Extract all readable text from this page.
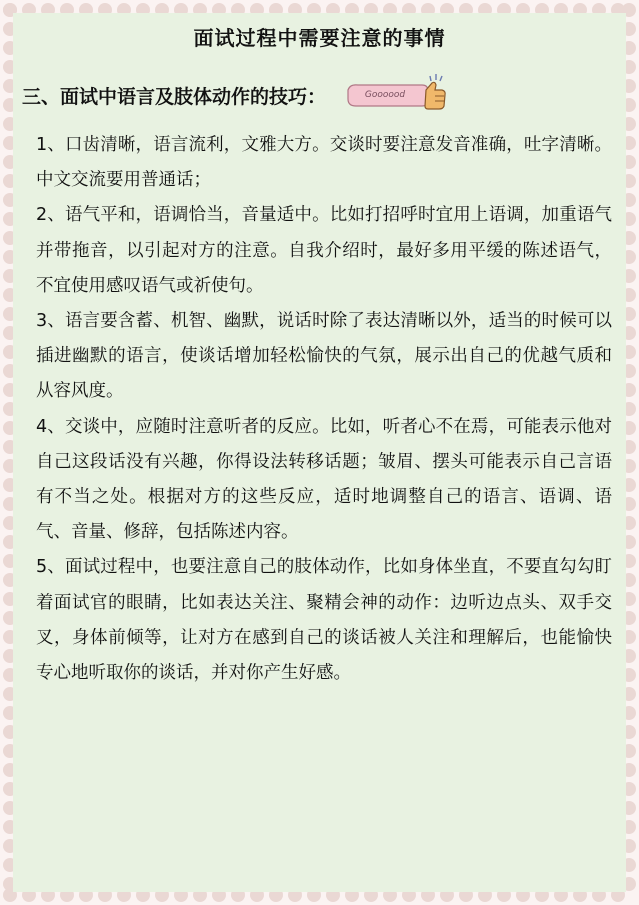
面试过程中需要注意的事情
三、面试中语言及肢体动作的技巧：	Goooood

1、口齿清晰，语言流利，文雅大方。交谈时要注意发音准确，吐字清晰。中文交流要用普通话；

2、语气平和，语调恰当，音量适中。比如打招呼时宜用上语调，加重语气并带拖音，以引起对方的注意。自我介绍时，最好多用平缓的陈述语气，不宜使用感叹语气或祈使句。

3、语言要含蓄、机智、幽默，说话时除了表达清晰以外，适当的时候可以插进幽默的语言，使谈话增加轻松愉快的气氛，展示出自己的优越气质和从容风度。

4、交谈中，应随时注意听者的反应。比如，听者心不在焉，可能表示他对自己这段话没有兴趣，你得设法转移话题；皱眉、摆头可能表示自己言语有不当之处。根据对方的这些反应，适时地调整自己的语言、语调、语气、音量、修辞，包括陈述内容。

5、面试过程中，也要注意自己的肢体动作，比如身体坐直，不要直勾勾盯着面试官的眼睛，比如表达关注、聚精会神的动作：边听边点头、双手交叉，身体前倾等，让对方在感到自己的谈话被人关注和理解后，也能愉快专心地听取你的谈话，并对你产生好感。
